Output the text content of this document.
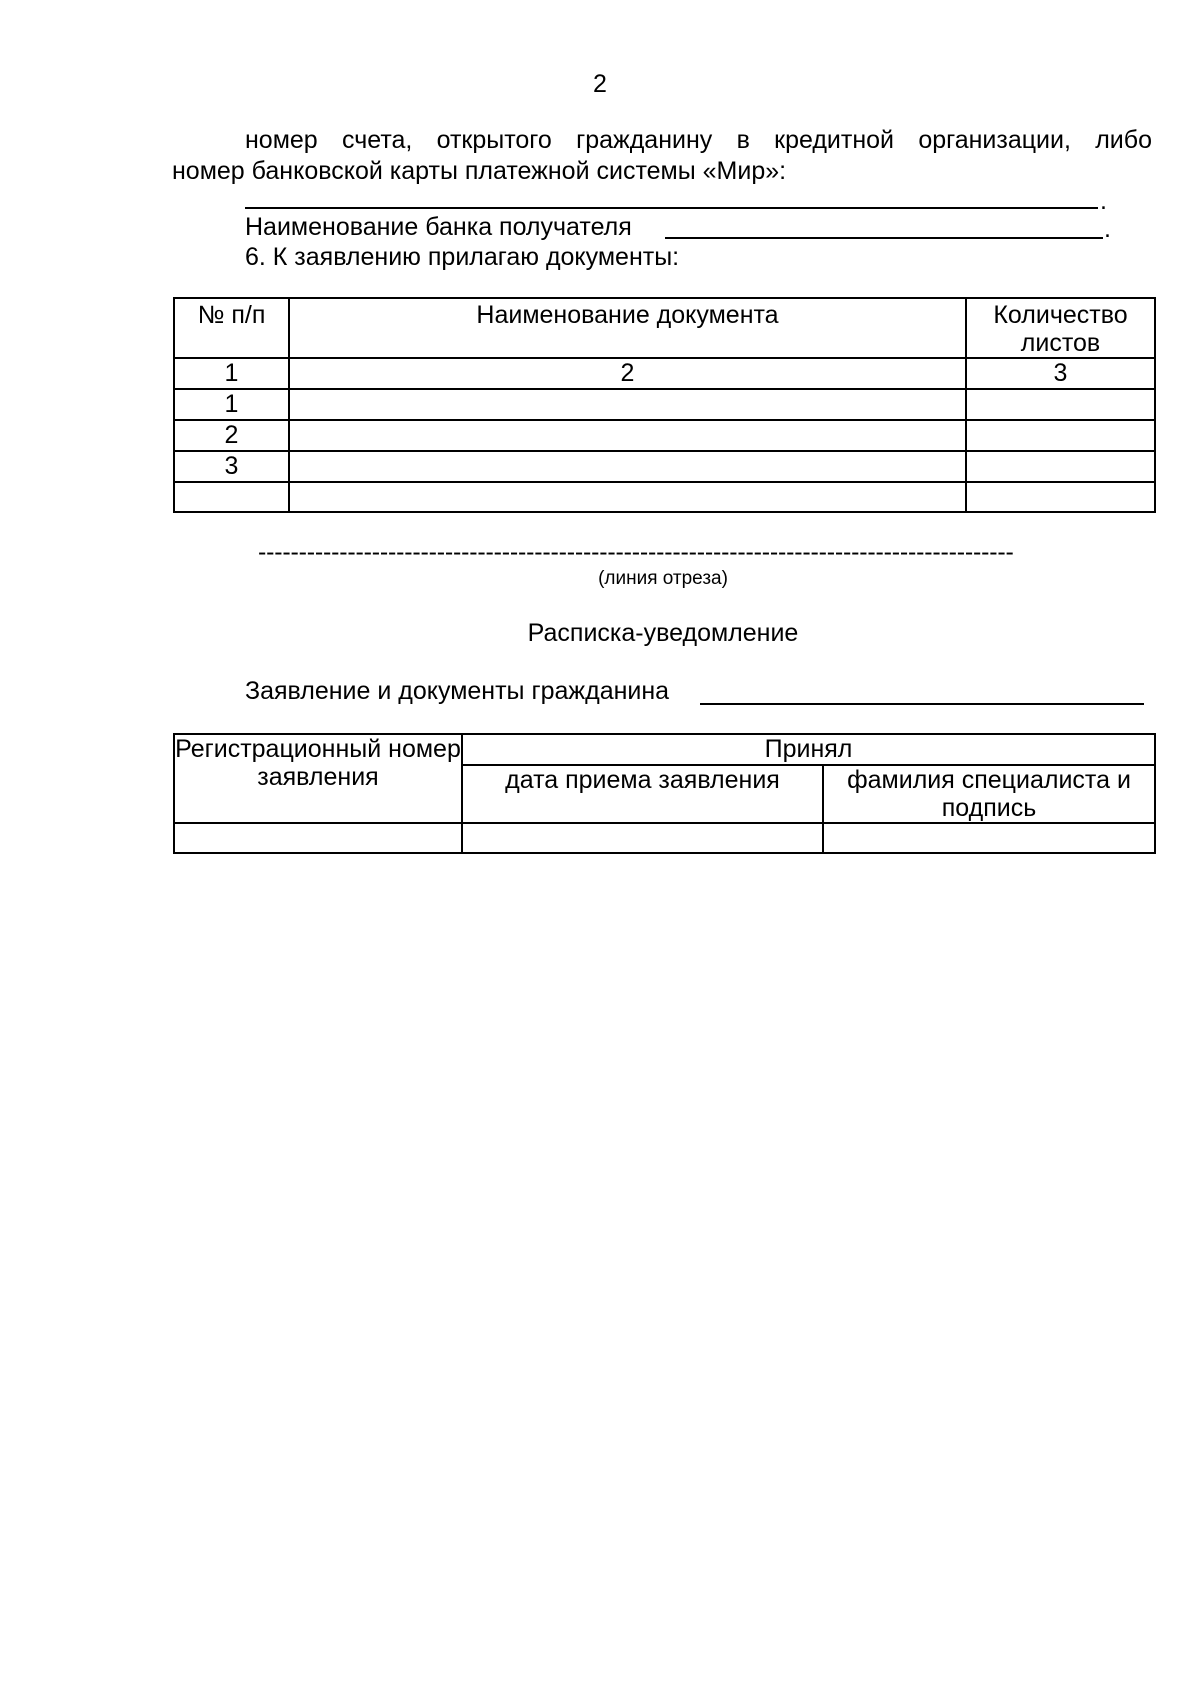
2
номер счета, открытого гражданину в кредитной организации, либо
номер банковской карты платежной системы «Мир»:
.
Наименование банка получателя	.
6. К заявлению прилагаю документы:
№ п/п	Наименование документа	Количество листов
1	2	3
1		
2		
3		

---------------------------------------------------------------------------------------------
(линия отреза)
Расписка-уведомление
Заявление и документы гражданина
Регистрационный номер заявления	Принял	
	дата приема заявления	фамилия специалиста и подпись
